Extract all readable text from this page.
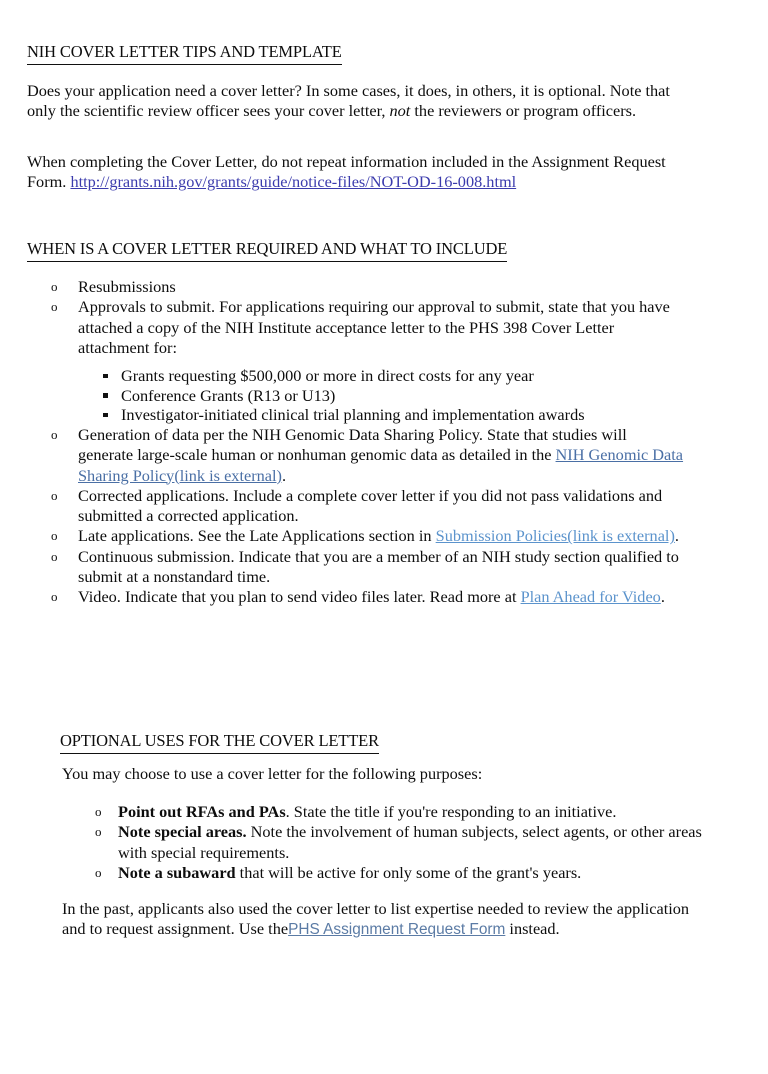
NIH COVER LETTER TIPS AND TEMPLATE
Does your application need a cover letter? In some cases, it does, in others, it is optional. Note that only the scientific review officer sees your cover letter, not the reviewers or program officers.
When completing the Cover Letter, do not repeat information included in the Assignment Request Form. http://grants.nih.gov/grants/guide/notice-files/NOT-OD-16-008.html
WHEN IS A COVER LETTER REQUIRED AND WHAT TO INCLUDE
o Resubmissions
o Approvals to submit. For applications requiring our approval to submit, state that you have attached a copy of the NIH Institute acceptance letter to the PHS 398 Cover Letter attachment for:
Grants requesting $500,000 or more in direct costs for any year
Conference Grants (R13 or U13)
Investigator-initiated clinical trial planning and implementation awards
o Generation of data per the NIH Genomic Data Sharing Policy. State that studies will generate large-scale human or nonhuman genomic data as detailed in the NIH Genomic Data Sharing Policy(link is external).
o Corrected applications. Include a complete cover letter if you did not pass validations and submitted a corrected application.
o Late applications. See the Late Applications section in Submission Policies(link is external).
o Continuous submission. Indicate that you are a member of an NIH study section qualified to submit at a nonstandard time.
o Video. Indicate that you plan to send video files later. Read more at Plan Ahead for Video.
OPTIONAL USES FOR THE COVER LETTER
You may choose to use a cover letter for the following purposes:
o Point out RFAs and PAs. State the title if you're responding to an initiative.
o Note special areas. Note the involvement of human subjects, select agents, or other areas with special requirements.
o Note a subaward that will be active for only some of the grant's years.
In the past, applicants also used the cover letter to list expertise needed to review the application and to request assignment. Use thePHS Assignment Request Form instead.
